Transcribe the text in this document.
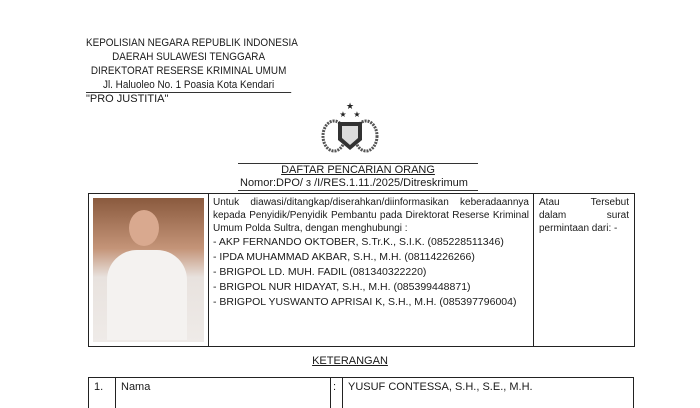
KEPOLISIAN NEGARA REPUBLIK INDONESIA
DAERAH SULAWESI TENGGARA
DIREKTORAT RESERSE KRIMINAL UMUM
Jl. Haluoleo No. 1 Poasia Kota Kendari
"PRO JUSTITIA"
★
★ ★
DAFTAR PENCARIAN ORANG
Nomor:DPO/ ɜ /I/RES.1.11./2025/Ditreskrimum
Untuk diawasi/ditangkap/diserahkan/diinformasikan keberadaannya kepada Penyidik/Penyidik Pembantu pada Direktorat Reserse Kriminal Umum Polda Sultra, dengan menghubungi :
- AKP FERNANDO OKTOBER, S.Tr.K., S.I.K. (085228511346)
- IPDA MUHAMMAD AKBAR, S.H., M.H. (08114226266)
- BRIGPOL LD. MUH. FADIL (081340322220)
- BRIGPOL NUR HIDAYAT, S.H., M.H. (085399448871)
- BRIGPOL YUSWANTO APRISAI K, S.H., M.H. (085397796004)
Atau Tersebut dalam surat permintaan dari: -
KETERANGAN
1.	Nama	:	YUSUF CONTESSA, S.H., S.E., M.H.
